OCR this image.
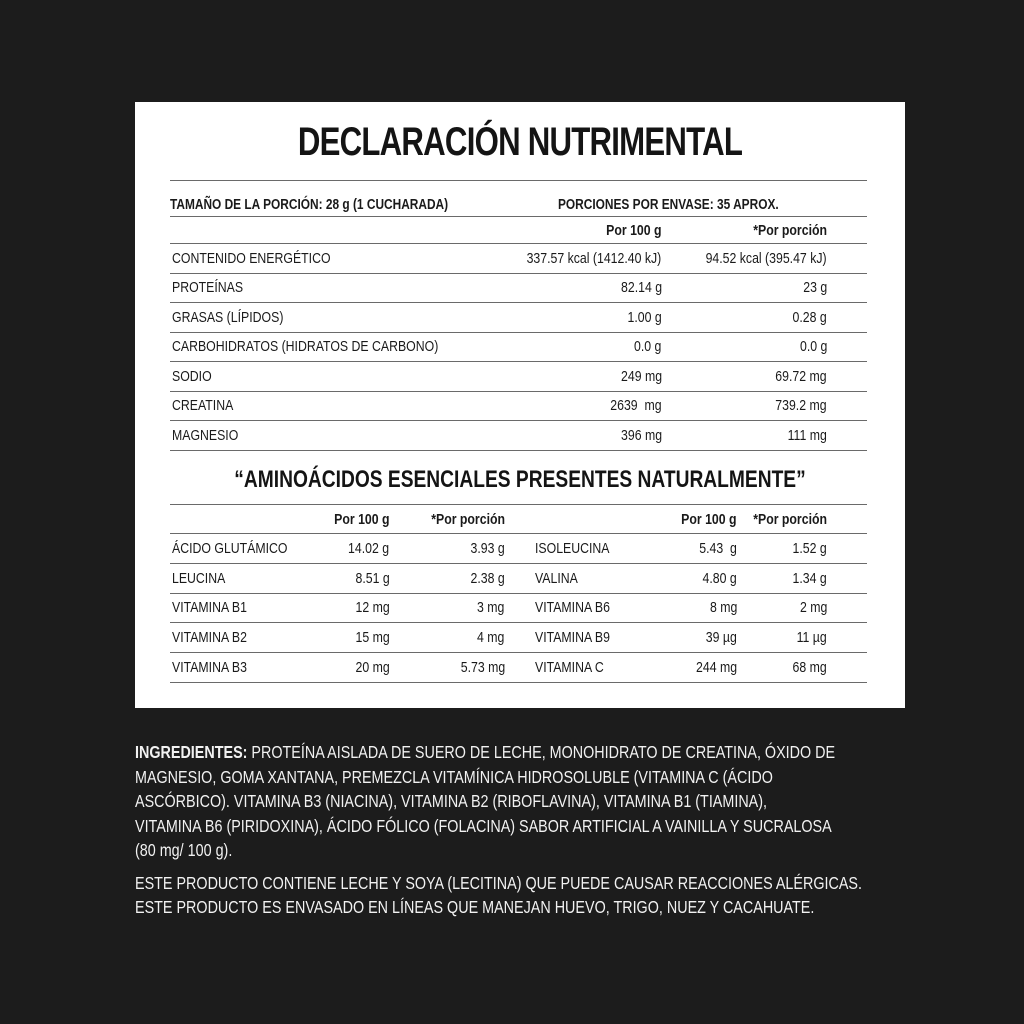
DECLARACIÓN NUTRIMENTAL
TAMAÑO DE LA PORCIÓN: 28 g (1 CUCHARADA)	PORCIONES POR ENVASE: 35 APROX.
	Por 100 g	*Por porción
CONTENIDO ENERGÉTICO	337.57 kcal (1412.40 kJ)	94.52 kcal (395.47 kJ)
PROTEÍNAS	82.14 g	23 g
GRASAS (LÍPIDOS)	1.00 g	0.28 g
CARBOHIDRATOS (HIDRATOS DE CARBONO)	0.0 g	0.0 g
SODIO	249 mg	69.72 mg
CREATINA	2639  mg	739.2 mg
MAGNESIO	396 mg	111 mg
“AMINOÁCIDOS ESENCIALES PRESENTES NATURALMENTE”
	Por 100 g	*Por porción		Por 100 g	*Por porción
ÁCIDO GLUTÁMICO	14.02 g	3.93 g	ISOLEUCINA	5.43  g	1.52 g
LEUCINA	8.51 g	2.38 g	VALINA	4.80 g	1.34 g
VITAMINA B1	12 mg	3 mg	VITAMINA B6	8 mg	2 mg
VITAMINA B2	15 mg	4 mg	VITAMINA B9	39 µg	11 µg
VITAMINA B3	20 mg	5.73 mg	VITAMINA C	244 mg	68 mg
INGREDIENTES: PROTEÍNA AISLADA DE SUERO DE LECHE, MONOHIDRATO DE CREATINA, ÓXIDO DE
MAGNESIO, GOMA XANTANA, PREMEZCLA VITAMÍNICA HIDROSOLUBLE (VITAMINA C (ÁCIDO
ASCÓRBICO). VITAMINA B3 (NIACINA), VITAMINA B2 (RIBOFLAVINA), VITAMINA B1 (TIAMINA),
VITAMINA B6 (PIRIDOXINA), ÁCIDO FÓLICO (FOLACINA) SABOR ARTIFICIAL A VAINILLA Y SUCRALOSA
(80 mg/ 100 g).
ESTE PRODUCTO CONTIENE LECHE Y SOYA (LECITINA) QUE PUEDE CAUSAR REACCIONES ALÉRGICAS.
ESTE PRODUCTO ES ENVASADO EN LÍNEAS QUE MANEJAN HUEVO, TRIGO, NUEZ Y CACAHUATE.
